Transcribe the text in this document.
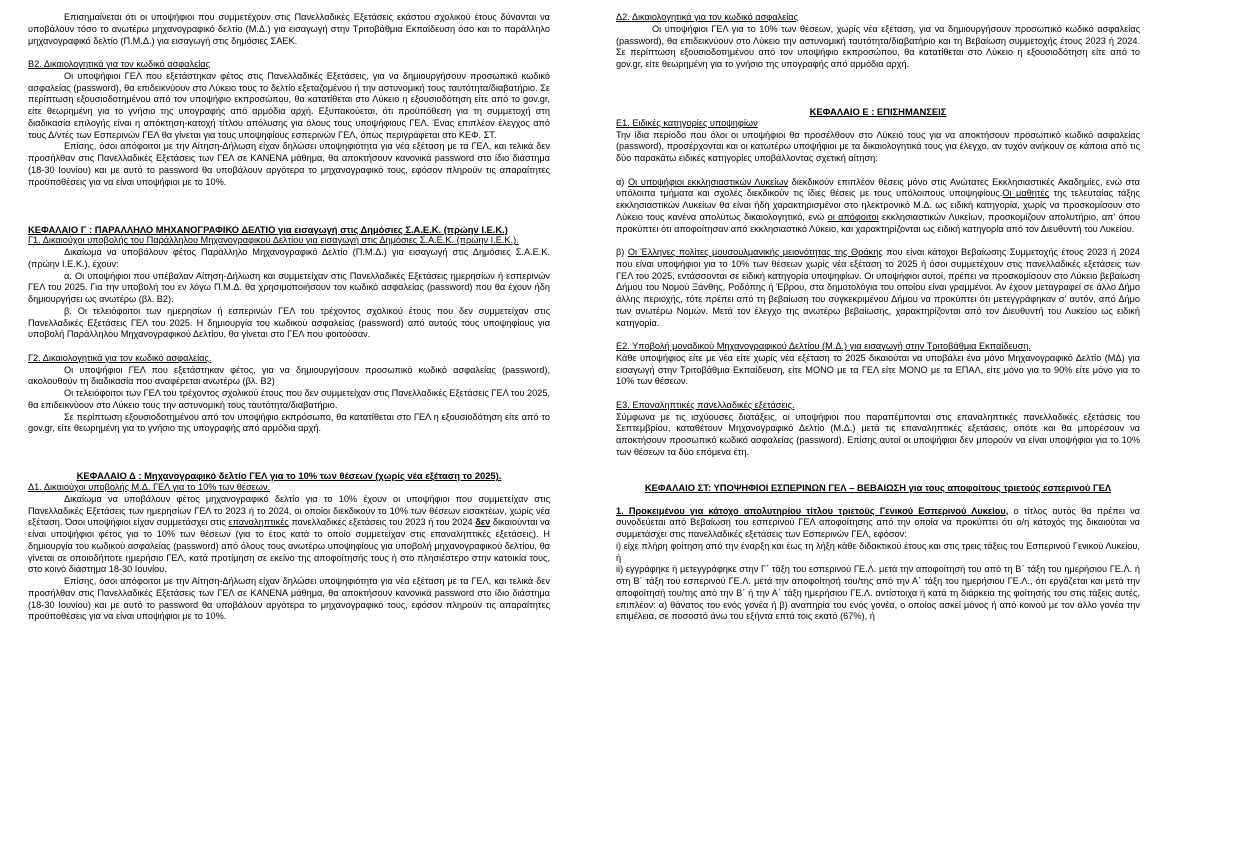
Επισημαίνεται ότι οι υποψήφιοι που συμμετέχουν στις Πανελλαδικές Εξετάσεις εκάστου σχολικού έτους δύνανται να υποβάλουν τόσο το ανωτέρω μηχανογραφικό δελτίο (Μ.Δ.) για εισαγωγή στην Τριτοβάθμια Εκπαίδευση όσο και το παράλληλο μηχανογραφικό δελτίο (Π.Μ.Δ.) για εισαγωγή στις δημόσιες ΣΑΕΚ.

Β2. Δικαιολογητικά για τον κωδικό ασφαλείας

Οι υποψήφιοι ΓΕΛ που εξετάστηκαν φέτος στις Πανελλαδικές Εξετάσεις, για να δημιουργήσουν προσωπικό κωδικό ασφαλείας (password), θα επιδεικνύουν στο Λύκειο τους το δελτίο εξεταζομένου ή την αστυνομική τους ταυτότητα/διαβατήριο. Σε περίπτωση εξουσιοδοτημένου από τον υποψήφιο εκπροσώπου, θα κατατίθεται στο Λύκειο η εξουσιοδότηση είτε από το gov.gr, είτε θεωρημένη για το γνήσιο της υπογραφής από αρμόδια αρχή. Εξυπακούεται, ότι προϋπόθεση για τη συμμετοχή στη διαδικασία επιλογής είναι η απόκτηση-κατοχή τίτλου απόλυσης για όλους τους υποψήφιους ΓΕΛ. Ένας επιπλέον έλεγχος από τους Δ/ντές των Εσπερινών ΓΕΛ θα γίνεται για τους υποψηφίους εσπερινών ΓΕΛ, όπως περιγράφεται στο ΚΕΦ. ΣΤ.

Επίσης, όσοι απόφοιτοι με την Αίτηση-Δήλωση είχαν δηλώσει υποψηφιότητα για νέα εξέταση με τα ΓΕΛ, και τελικά δεν προσήλθαν στις Πανελλαδικές Εξετάσεις των ΓΕΛ σε ΚΑΝΕΝΑ μάθημα, θα αποκτήσουν κανονικά password στο ίδιο διάστημα (18-30 Ιουνίου) και με αυτό το password θα υποβάλουν αργότερα το μηχανογραφικό τους, εφόσον πληρούν τις απαραίτητες προϋποθέσεις για να είναι υποψήφιοι με το 10%.

ΚΕΦΑΛΑΙΟ Γ : ΠΑΡΑΛΛΗΛΟ ΜΗΧΑΝΟΓΡΑΦΙΚΟ ΔΕΛΤΙΟ για εισαγωγή στις Δημόσιες Σ.Α.Ε.Κ. (πρώην Ι.Ε.Κ.)

Γ1. Δικαιούχοι υποβολής του Παράλληλου Μηχανογραφικού Δελτίου για εισαγωγή στις Δημόσιες Σ.Α.Ε.Κ. (πρώην Ι.Ε.Κ.).

Δικαίωμα να υποβάλουν φέτος Παράλληλο Μηχανογραφικό Δελτίο (Π.Μ.Δ.) για εισαγωγή στις Δημόσιες Σ.Α.Ε.Κ. (πρώην Ι.Ε.Κ.), έχουν:

α. Οι υποψήφιοι που υπέβαλαν Αίτηση-Δήλωση και συμμετείχαν στις Πανελλαδικές Εξετάσεις ημερησίων ή εσπερινών ΓΕΛ του 2025. Για την υποβολή του εν λόγω Π.Μ.Δ. θα χρησιμοποιήσουν τον κωδικό ασφαλείας (password) που θα έχουν ήδη δημιουργήσει ως ανωτέρω (βλ. Β2).

β. Οι τελειόφοιτοι των ημερησίων ή εσπερινών ΓΕΛ του τρέχοντος σχολικού έτους που δεν συμμετείχαν στις Πανελλαδικές Εξετάσεις ΓΕΛ του 2025. Η δημιουργία του κωδικού ασφαλείας (password) από αυτούς τους υποψηφίους για υποβολή Παράλληλου Μηχανογραφικού Δελτίου, θα γίνεται στο ΓΕΛ που φοιτούσαν.

Γ2. Δικαιολογητικά για τον κωδικό ασφαλείας.

Οι υποψήφιοι ΓΕΛ που εξετάστηκαν φέτος, για να δημιουργήσουν προσωπικό κωδικό ασφαλείας (password), ακολουθούν τη διαδικασία που αναφέρεται ανωτέρω (βλ. Β2)

Οι τελειόφοιτοι των ΓΕΛ του τρέχοντος σχολικού έτους που δεν συμμετείχαν στις Πανελλαδικές Εξετάσεις ΓΕΛ του 2025, θα επιδεικνύουν στο Λύκειο τους την αστυνομική τους ταυτότητα/διαβατήριο.

Σε περίπτωση εξουσιοδοτημένου από τον υποψήφιο εκπρόσωπο, θα κατατίθεται στο ΓΕΛ η εξουσιοδότηση είτε από το gov.gr, είτε θεωρημένη για το γνήσιο της υπογραφής από αρμόδια αρχή.

ΚΕΦΑΛΑΙΟ Δ : Μηχανογραφικό δελτίο ΓΕΛ για το 10% των θέσεων (χωρίς νέα εξέταση το 2025).

Δ1. Δικαιούχοι υποβολής Μ.Δ. ΓΕΛ για το 10% των θέσεων.

Δικαίωμα να υποβάλουν φέτος μηχανογραφικό δελτίο για το 10% έχουν οι υποψήφιοι που συμμετείχαν στις Πανελλαδικές Εξετάσεις των ημερησίων ΓΕΛ το 2023 ή το 2024, οι οποίοι διεκδικούν το 10% των θέσεων εισακτέων, χωρίς νέα εξέταση. Όσοι υποψήφιοι είχαν συμμετάσχει στις επαναληπτικές πανελλαδικές εξετάσεις του 2023 ή του 2024 δεν δικαιούνται να είναι υποψήφιοι φέτος για το 10% των θέσεων (για το έτος κατά το οποίο συμμετείχαν στις επαναληπτικές εξετάσεις). Η δημιουργία του κωδικού ασφαλείας (password) από όλους τους ανωτέρω υποψηφίους για υποβολή μηχανογραφικού δελτίου, θα γίνεται σε οποιοδήποτε ημερήσιο ΓΕΛ, κατά προτίμηση σε εκείνο της αποφοίτησής τους ή στο πλησιέστερο στην κατοικία τους, στο κοινό διάστημα 18-30 Ιουνίου.

Επίσης, όσοι απόφοιτοι με την Αίτηση-Δήλωση είχαν δηλώσει υποψηφιότητα για νέα εξέταση με τα ΓΕΛ, και τελικά δεν προσήλθαν στις Πανελλαδικές Εξετάσεις των ΓΕΛ σε ΚΑΝΕΝΑ μάθημα, θα αποκτήσουν κανονικά password στο ίδιο διάστημα (18-30 Ιουνίου) και με αυτό το password θα υποβάλουν αργότερα το μηχανογραφικό τους, εφόσον πληρούν τις απαραίτητες προϋποθέσεις για να είναι υποψήφιοι με το 10%.

Δ2. Δικαιολογητικά για τον κωδικό ασφαλείας

Οι υποψήφιοι ΓΕΛ για το 10% των θέσεων, χωρίς νέα εξέταση, για να δημιουργήσουν προσωπικό κωδικό ασφαλείας (password), θα επιδεικνύουν στο Λύκειο την αστυνομική ταυτότητα/διαβατήριο και τη Βεβαίωση συμμετοχής έτους 2023 ή 2024. Σε περίπτωση εξουσιοδοτημένου από τον υποψήφιο εκπροσώπου, θα κατατίθεται στο Λύκειο η εξουσιοδότηση είτε από το gov.gr, είτε θεωρημένη για το γνήσιο της υπογραφής από αρμόδια αρχή.

ΚΕΦΑΛΑΙΟ Ε : ΕΠΙΣΗΜΑΝΣΕΙΣ

Ε1. Ειδικές κατηγορίες υποψηφίων

Την ίδια περίοδο που όλοι οι υποψήφιοι θα προσέλθουν στο Λύκειό τους για να αποκτήσουν προσωπικό κωδικό ασφαλείας (password), προσέρχονται και οι κατωτέρω υποψήφιοι με τα δικαιολογητικά τους για έλεγχο, αν τυχόν ανήκουν σε κάποια από τις δύο παρακάτω ειδικές κατηγορίες υποβάλλοντας σχετική αίτηση:

α) Οι υποψήφιοι εκκλησιαστικών Λυκείων διεκδικούν επιπλέον θέσεις μόνο στις Ανώτατες Εκκλησιαστικές Ακαδημίες, ενώ στα υπόλοιπα τμήματα και σχολές διεκδικούν τις ίδιες θέσεις με τους υπόλοιπους υποψηφίους.Οι μαθητές της τελευταίας τάξης εκκλησιαστικών Λυκείων θα είναι ήδη χαρακτηρισμένοι στο ηλεκτρονικό Μ.Δ. ως ειδική κατηγορία, χωρίς να προσκομίσουν στο Λύκειο τους κανένα απολύτως δικαιολογητικό, ενώ οι απόφοιτοι εκκλησιαστικών Λυκείων, προσκομίζουν απολυτήριο, απ' όπου προκύπτει ότι αποφοίτησαν από εκκλησιαστικό Λύκειο, και χαρακτηρίζονται ως ειδική κατηγορία από τον Διευθυντή του Λυκείου.

β) Οι Έλληνες πολίτες μουσουλμανικής μειονότητας της Θράκης που είναι κάτοχοι Βεβαίωσης Συμμετοχής έτους 2023 ή 2024 που είναι υποψήφιοι για το 10% των θέσεων χωρίς νέα εξέταση το 2025 ή όσοι συμμετέχουν στις πανελλαδικές εξετάσεις των ΓΕΛ του 2025, εντάσσονται σε ειδική κατηγορία υποψηφίων. Οι υποψήφιοι αυτοί, πρέπει να προσκομίσουν στο Λύκειο βεβαίωση Δήμου του Νομού Ξάνθης, Ροδόπης ή Έβρου, στα δημοτολόγια του οποίου είναι γραμμένοι. Αν έχουν μεταγραφεί σε άλλο Δήμο άλλης περιοχής, τότε πρέπει από τη βεβαίωση του συγκεκριμένου Δήμου να προκύπτει ότι μετεγγράφηκαν σ' αυτόν, από Δήμο των ανωτέρω Νομών. Μετά τον έλεγχο της ανωτέρω βεβαίωσης, χαρακτηρίζονται από τον Διευθυντή του Λυκείου ως ειδική κατηγορία.

Ε2. Υποβολή μοναδικού Μηχανογραφικού Δελτίου (Μ.Δ.) για εισαγωγή στην Τριτοβάθμια Εκπαίδευση.

Κάθε υποψήφιος είτε με νέα είτε χωρίς νέα εξέταση το 2025 δικαιούται να υποβάλει ένα μόνο Μηχανογραφικό Δελτίο (ΜΔ) για εισαγωγή στην Τριτοβάθμια Εκπαίδευση, είτε ΜΟΝΟ με τα ΓΕΛ είτε ΜΟΝΟ με τα ΕΠΑΛ, είτε μόνο για το 90% είτε μόνο για το 10% των θέσεων.

Ε3. Επαναληπτικές πανελλαδικές εξετάσεις.

Σύμφωνα με τις ισχύουσες διατάξεις, οι υποψήφιοι που παραπέμπονται στις επαναληπτικές πανελλαδικές εξετάσεις του Σεπτεμβρίου, καταθέτουν Μηχανογραφικό Δελτίο (Μ.Δ.) μετά τις επαναληπτικές εξετάσεις, οπότε και θα μπορέσουν να αποκτήσουν προσωπικό κωδικό ασφαλείας (password). Επίσης αυτοί οι υποψήφιοι δεν μπορούν να είναι υποψήφιοι για το 10% των θέσεων τα δύο επόμενα έτη.

ΚΕΦΑΛΑΙΟ ΣΤ: ΥΠΟΨΗΦΙΟΙ ΕΣΠΕΡΙΝΩΝ ΓΕΛ – ΒΕΒΑΙΩΣΗ για τους αποφοίτους τριετούς εσπερινού ΓΕΛ

1. Προκειμένου για κάτοχο απολυτηρίου τίτλου τριετούς Γενικού Εσπερινού Λυκείου, ο τίτλος αυτός θα πρέπει να συνοδεύεται από Βεβαίωση του εσπερινού ΓΕΛ αποφοίτησης από την οποία να προκύπτει ότι ο/η κάτοχός της δικαιούται να συμμετάσχει στις πανελλαδικές εξετάσεις των Εσπερινών ΓΕΛ, εφόσον:

i) είχε πλήρη φοίτηση από την έναρξη και έως τη λήξη κάθε διδακτικού έτους και στις τρεις τάξεις του Εσπερινού Γενικού Λυκείου, ή

ii) εγγράφηκε ή μετεγγράφηκε στην Γ΄ τάξη του εσπερινού ΓΕ.Λ. μετά την αποφοίτησή του από τη Β΄ τάξη του ημερήσιου ΓΕ.Λ. ή στη Β΄ τάξη του εσπερινού ΓΕ.Λ. μετά την αποφοίτησή του/της από την Α΄ τάξη του ημερήσιου ΓΕ.Λ., ότι εργάζεται και μετά την αποφοίτησή του/της από την Β΄ ή την Α΄ τάξη ημερήσιου ΓΕ.Λ. αντίστοιχα ή κατά τη διάρκεια της φοίτησής του στις τάξεις αυτές, επιπλέον: α) θάνατος του ενός γονέα ή β) αναπηρία του ενός γονέα, ο οποίος ασκεί μόνος ή από κοινού με τον άλλο γονέα την επιμέλεια, σε ποσοστό άνω του εξήντα επτά τοις εκατό (67%), ή
